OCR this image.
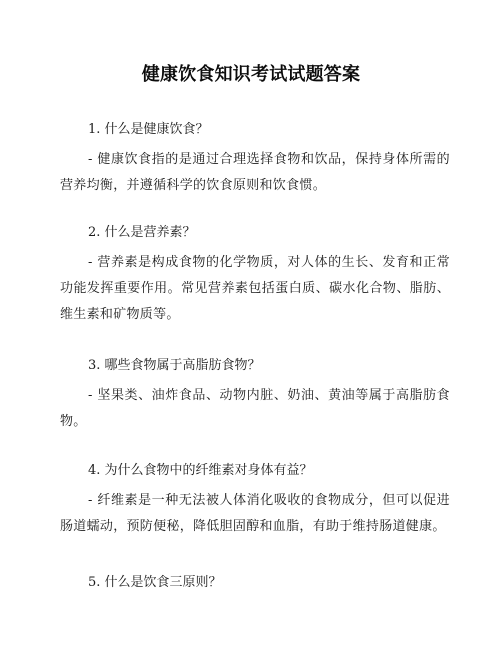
健康饮食知识考试试题答案

1. 什么是健康饮食？

- 健康饮食指的是通过合理选择食物和饮品，保持身体所需的营养均衡，并遵循科学的饮食原则和饮食惯。

2. 什么是营养素？

- 营养素是构成食物的化学物质，对人体的生长、发育和正常功能发挥重要作用。常见营养素包括蛋白质、碳水化合物、脂肪、维生素和矿物质等。

3. 哪些食物属于高脂肪食物？

- 坚果类、油炸食品、动物内脏、奶油、黄油等属于高脂肪食物。

4. 为什么食物中的纤维素对身体有益？

- 纤维素是一种无法被人体消化吸收的食物成分，但可以促进肠道蠕动，预防便秘，降低胆固醇和血脂，有助于维持肠道健康。

5. 什么是饮食三原则？
